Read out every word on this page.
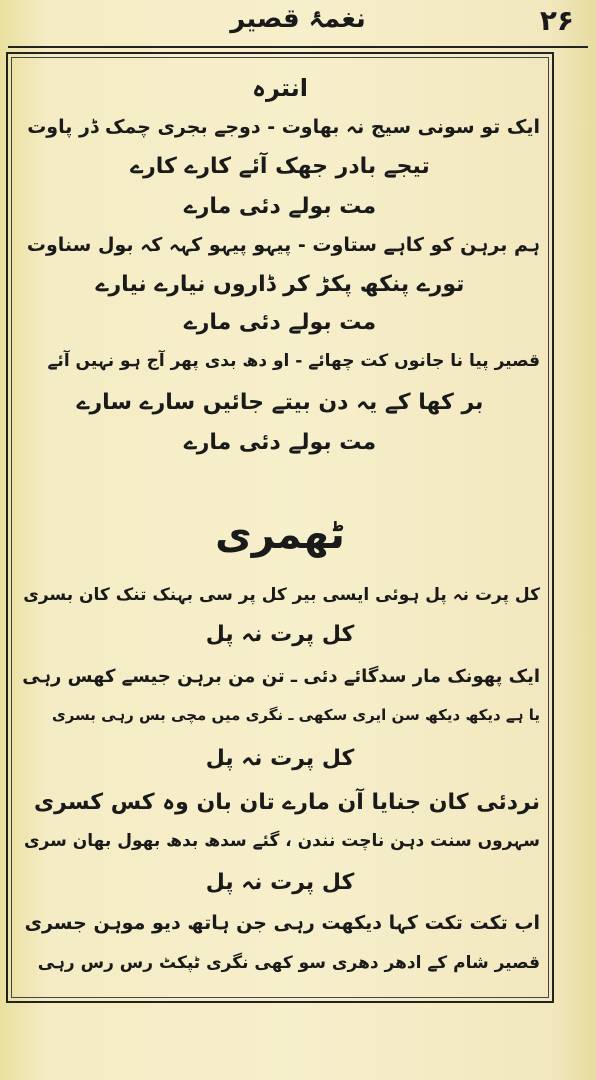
۲۶
نغمۂ قصیر
انترہ
ایک تو سونی سیج نہ بھاوت - دوجے بجری چمک ڈر پاوت
تیجے بادر جھک آئے کارے کارے
مت بولے دئی مارے
ہم برہن کو کاہے ستاوت - پیہو پیہو کہہ کہ بول سناوت
تورے پنکھ پکڑ کر ڈاروں نیارے نیارے
مت بولے دئی مارے
قصیر پیا نا جانوں کت چھائے - او دھ بدی پھر آج ہو نہیں آئے
بر کھا کے یہ دن بیتے جائیں سارے سارے
مت بولے دئی مارے
ٹھمری
کل پرت نہ پل ہوئی ایسی بیر کل پر سی بہنک تنک کان بسری
کل پرت نہ پل
ایک پھونک مار سدگائے دئی ـ تن من برہن جیسے کھس رہی
یا ہے دیکھ دیکھ سن ایری سکھی ـ نگری میں مچی بس رہی بسری
کل پرت نہ پل
نردئی کان جنایا آن مارے تان بان وہ کس کسری
سہروں سنت دہن ناچت نندن ، گئے سدھ بدھ بھول بھان سری
کل پرت نہ پل
اب تکت تکت کہا دیکھت رہی جن ہاتھ دیو موہن جسری
قصیر شام کے ادھر دھری سو کھی نگری ٹپکٹ رس رس رہی
